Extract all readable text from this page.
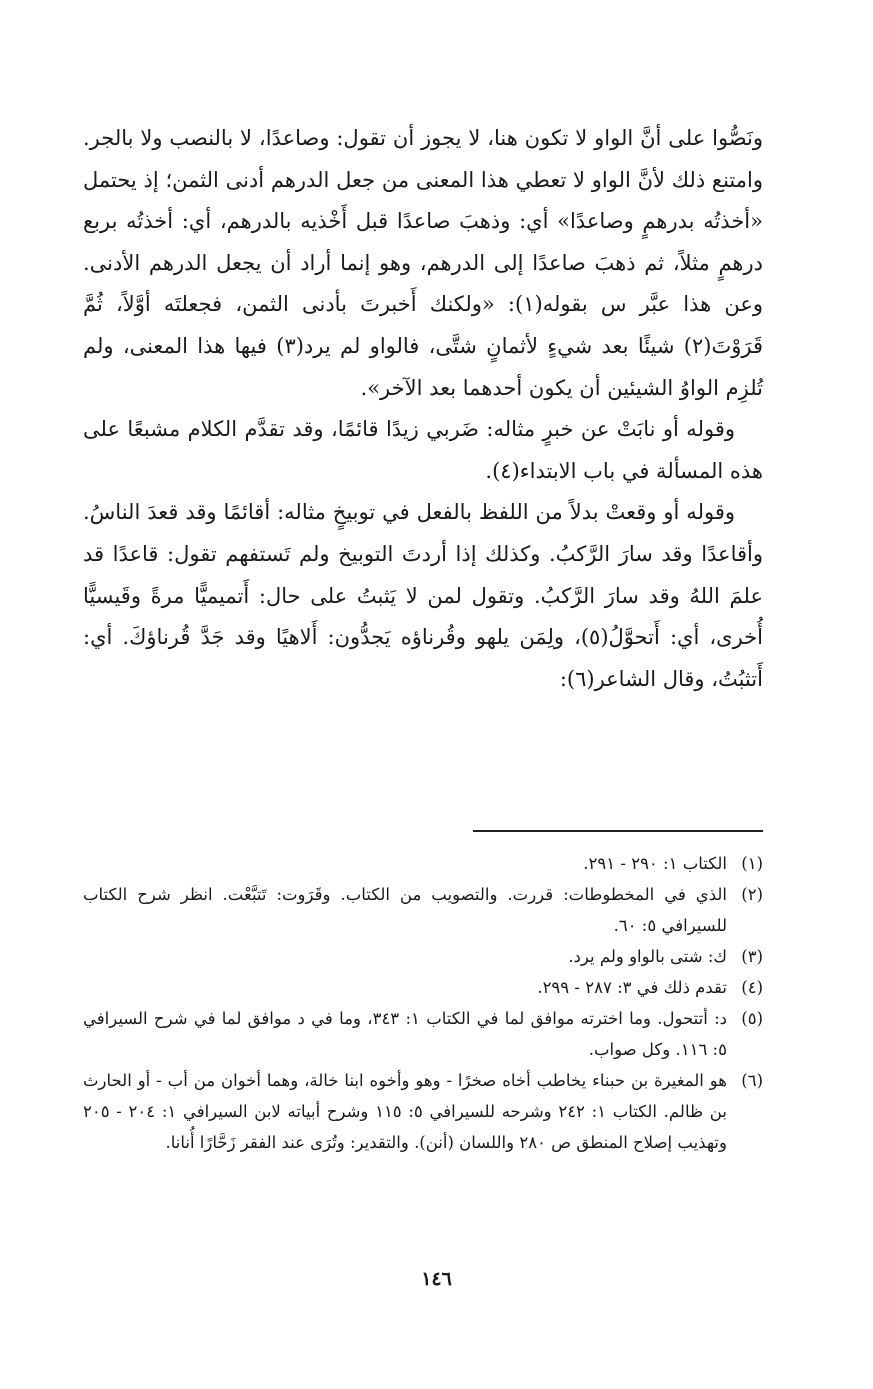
ونَصُّوا على أنَّ الواو لا تكون هنا، لا يجوز أن تقول: وصاعدًا، لا بالنصب ولا بالجر. وامتنع ذلك لأنَّ الواو لا تعطي هذا المعنى من جعل الدرهم أدنى الثمن؛ إذ يحتمل «أخذتُه بدرهمٍ وصاعدًا» أي: وذهبَ صاعدًا قبل أَخْذيه بالدرهم، أي: أخذتُه بربع درهمٍ مثلاً، ثم ذهبَ صاعدًا إلى الدرهم، وهو إنما أراد أن يجعل الدرهم الأدنى. وعن هذا عبَّر س بقوله(١): «ولكنك أَخبرتَ بأدنى الثمن، فجعلتَه أوَّلاً، ثُمَّ قَرَوْتَ(٢) شيئًا بعد شيءٍ لأثمانٍ شتَّى، فالواو لم يرد(٣) فيها هذا المعنى، ولم تُلزِم الواوُ الشيئين أن يكون أحدهما بعد الآخر».

وقوله أو نابَتْ عن خبرٍ مثاله: ضَربي زيدًا قائمًا، وقد تقدَّم الكلام مشبعًا على هذه المسألة في باب الابتداء(٤).

وقوله أو وقعتْ بدلاً من اللفظ بالفعل في توبيخٍ مثاله: أقائمًا وقد قعدَ الناسُ. وأقاعدًا وقد سارَ الرَّكبُ. وكذلك إذا أردتَ التوبيخ ولم تَستفهم تقول: قاعدًا قد علمَ اللهُ وقد سارَ الرَّكبُ. وتقول لمن لا يَثبتُ على حال: أَتميميًّا مرةً وقَيسيًّا أُخرى، أي: أَتحوَّلُ(٥)، ولِمَن يلهو وقُرناؤه يَجدُّون: أَلاهيًا وقد جَدَّ قُرناؤكَ. أي: أَتثبُتُ، وقال الشاعر(٦):

(١)
الكتاب ١: ٢٩٠ - ٢٩١.
(٢)
الذي في المخطوطات: قررت. والتصويب من الكتاب. وقَرَوت: تَتبَّعْت. انظر شرح الكتاب للسيرافي ٥: ٦٠.
(٣)
ك: شتى بالواو ولم يرد.
(٤)
تقدم ذلك في ٣: ٢٨٧ - ٢٩٩.
(٥)
د: أتتحول. وما اخترته موافق لما في الكتاب ١: ٣٤٣، وما في د موافق لما في شرح السيرافي ٥: ١١٦. وكل صواب.
(٦)
هو المغيرة بن حبناء يخاطب أخاه صخرًا - وهو وأخوه ابنا خالة، وهما أخوان من أب - أو الحارث بن ظالم. الكتاب ١: ٢٤٢ وشرحه للسيرافي ٥: ١١٥ وشرح أبياته لابن السيرافي ١: ٢٠٤ - ٢٠٥ وتهذيب إصلاح المنطق ص ٢٨٠ واللسان (أنن). والتقدير: وتُرَى عند الفقر زَحَّارًا أُنانا.
١٤٦
